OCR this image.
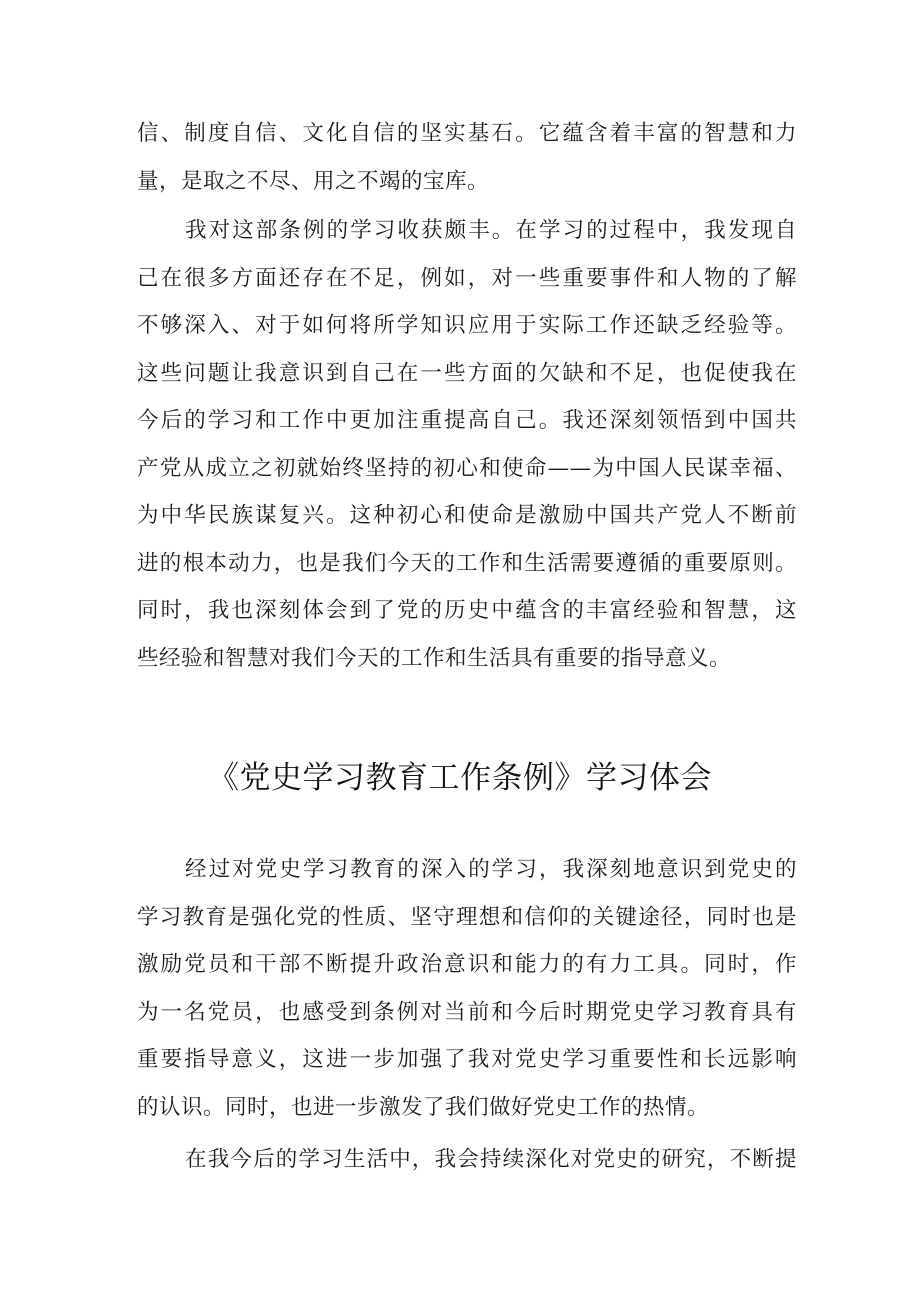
信、制度自信、文化自信的坚实基石。它蕴含着丰富的智慧和力
量，是取之不尽、用之不竭的宝库。
我对这部条例的学习收获颇丰。在学习的过程中，我发现自
己在很多方面还存在不足，例如，对一些重要事件和人物的了解
不够深入、对于如何将所学知识应用于实际工作还缺乏经验等。
这些问题让我意识到自己在一些方面的欠缺和不足，也促使我在
今后的学习和工作中更加注重提高自己。我还深刻领悟到中国共
产党从成立之初就始终坚持的初心和使命——为中国人民谋幸福、
为中华民族谋复兴。这种初心和使命是激励中国共产党人不断前
进的根本动力，也是我们今天的工作和生活需要遵循的重要原则。
同时，我也深刻体会到了党的历史中蕴含的丰富经验和智慧，这
些经验和智慧对我们今天的工作和生活具有重要的指导意义。
《党史学习教育工作条例》学习体会
经过对党史学习教育的深入的学习，我深刻地意识到党史的
学习教育是强化党的性质、坚守理想和信仰的关键途径，同时也是
激励党员和干部不断提升政治意识和能力的有力工具。同时，作
为一名党员，也感受到条例对当前和今后时期党史学习教育具有
重要指导意义，这进一步加强了我对党史学习重要性和长远影响
的认识。同时，也进一步激发了我们做好党史工作的热情。
在我今后的学习生活中，我会持续深化对党史的研究，不断提
